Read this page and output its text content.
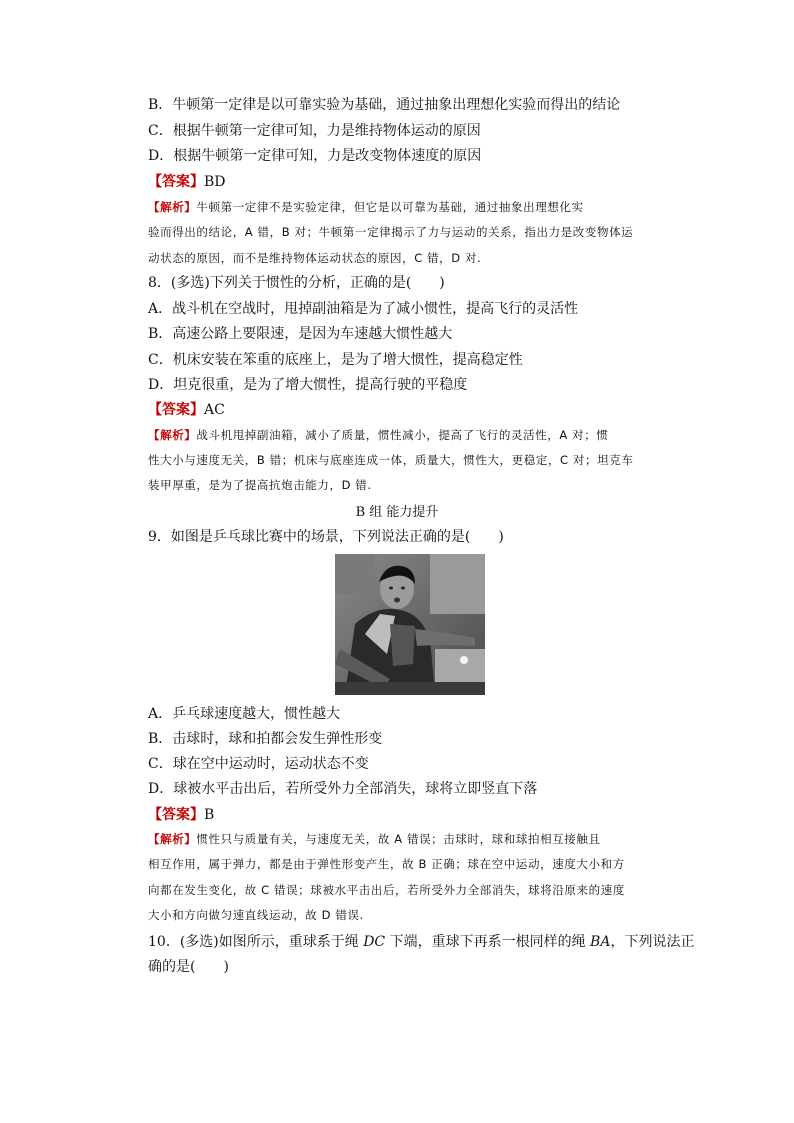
B．牛顿第一定律是以可靠实验为基础，通过抽象出理想化实验而得出的结论
C．根据牛顿第一定律可知，力是维持物体运动的原因
D．根据牛顿第一定律可知，力是改变物体速度的原因
【答案】BD
【解析】牛顿第一定律不是实验定律，但它是以可靠为基础，通过抽象出理想化实
验而得出的结论，A 错，B 对；牛顿第一定律揭示了力与运动的关系，指出力是改变物体运
动状态的原因，而不是维持物体运动状态的原因，C 错，D 对.
8．(多选)下列关于惯性的分析，正确的是(　　)
A．战斗机在空战时，甩掉副油箱是为了减小惯性，提高飞行的灵活性
B．高速公路上要限速，是因为车速越大惯性越大
C．机床安装在笨重的底座上，是为了增大惯性，提高稳定性
D．坦克很重，是为了增大惯性，提高行驶的平稳度
【答案】AC
【解析】战斗机甩掉副油箱，减小了质量，惯性减小，提高了飞行的灵活性，A 对；惯
性大小与速度无关，B 错；机床与底座连成一体，质量大，惯性大，更稳定，C 对；坦克车
装甲厚重，是为了提高抗炮击能力，D 错.
B 组 能力提升
9．如图是乒乓球比赛中的场景，下列说法正确的是(　　)
A．乒乓球速度越大，惯性越大
B．击球时，球和拍都会发生弹性形变
C．球在空中运动时，运动状态不变
D．球被水平击出后，若所受外力全部消失，球将立即竖直下落
【答案】B
【解析】惯性只与质量有关，与速度无关，故 A 错误；击球时，球和球拍相互接触且
相互作用，属于弹力，都是由于弹性形变产生，故 B 正确；球在空中运动，速度大小和方
向都在发生变化，故 C 错误；球被水平击出后，若所受外力全部消失，球将沿原来的速度
大小和方向做匀速直线运动，故 D 错误.
10．(多选)如图所示，重球系于绳 DC 下端，重球下再系一根同样的绳 BA，下列说法正
确的是(　　)
